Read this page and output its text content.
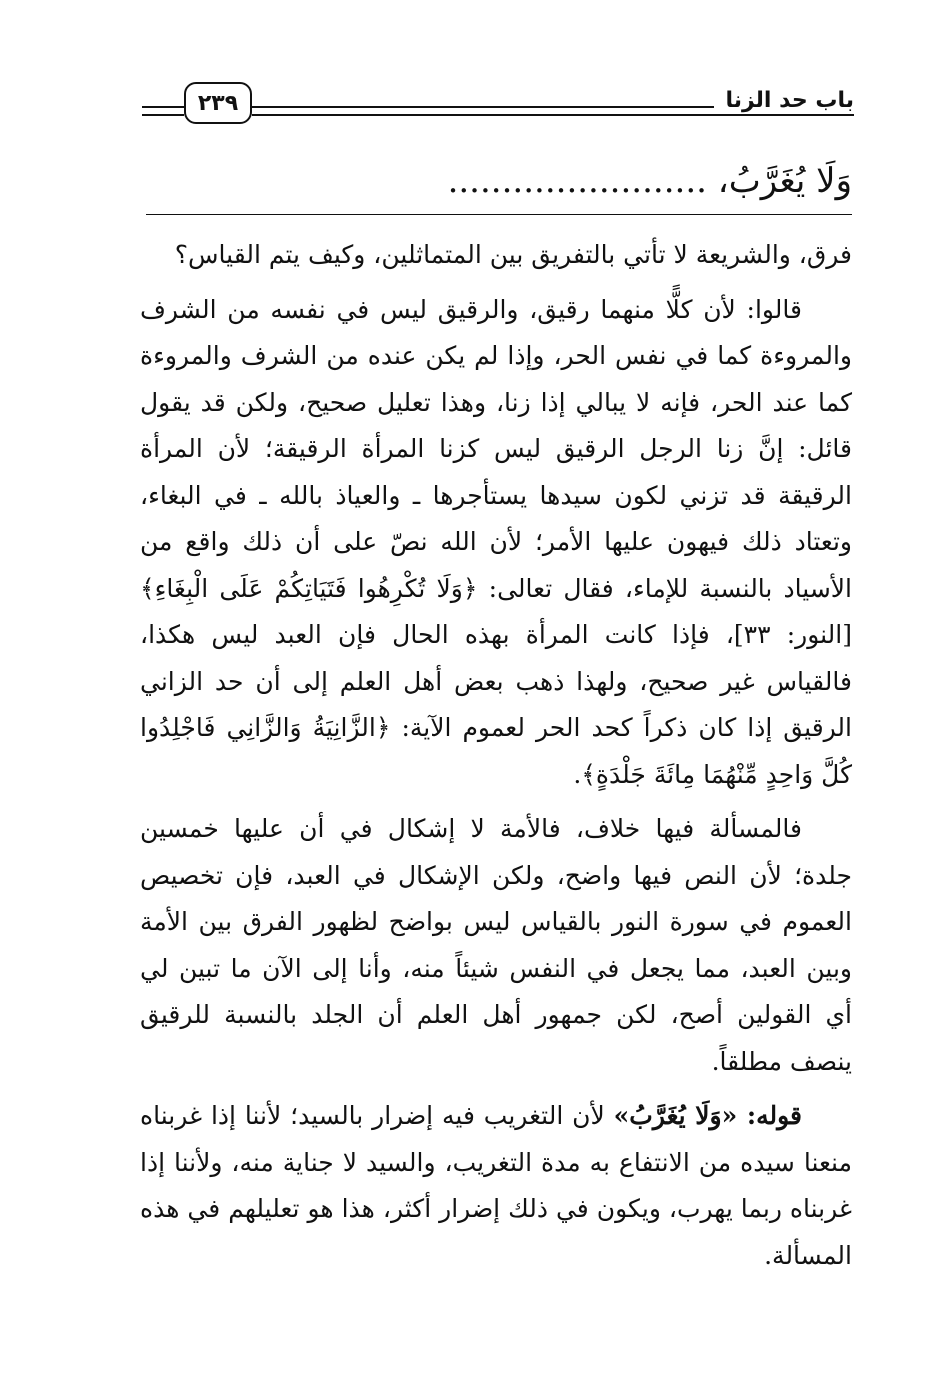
باب حد الزنا
٢٣٩
وَلَا يُغَرَّبُ، ........................

فرق، والشريعة لا تأتي بالتفريق بين المتماثلين، وكيف يتم القياس؟

قالوا: لأن كلًّا منهما رقيق، والرقيق ليس في نفسه من الشرف والمروءة كما في نفس الحر، وإذا لم يكن عنده من الشرف والمروءة كما عند الحر، فإنه لا يبالي إذا زنا، وهذا تعليل صحيح، ولكن قد يقول قائل: إنَّ زنا الرجل الرقيق ليس كزنا المرأة الرقيقة؛ لأن المرأة الرقيقة قد تزني لكون سيدها يستأجرها ـ والعياذ بالله ـ في البغاء، وتعتاد ذلك فيهون عليها الأمر؛ لأن الله نصّ على أن ذلك واقع من الأسياد بالنسبة للإماء، فقال تعالى: ﴿وَلَا تُكْرِهُوا فَتَيَاتِكُمْ عَلَى الْبِغَاءِ﴾ [النور: ٣٣]، فإذا كانت المرأة بهذه الحال فإن العبد ليس هكذا، فالقياس غير صحيح، ولهذا ذهب بعض أهل العلم إلى أن حد الزاني الرقيق إذا كان ذكراً كحد الحر لعموم الآية: ﴿الزَّانِيَةُ وَالزَّانِي فَاجْلِدُوا كُلَّ وَاحِدٍ مِّنْهُمَا مِائَةَ جَلْدَةٍ﴾.

فالمسألة فيها خلاف، فالأمة لا إشكال في أن عليها خمسين جلدة؛ لأن النص فيها واضح، ولكن الإشكال في العبد، فإن تخصيص العموم في سورة النور بالقياس ليس بواضح لظهور الفرق بين الأمة وبين العبد، مما يجعل في النفس شيئاً منه، وأنا إلى الآن ما تبين لي أي القولين أصح، لكن جمهور أهل العلم أن الجلد بالنسبة للرقيق ينصف مطلقاً.

قوله: «وَلَا يُغَرَّبُ» لأن التغريب فيه إضرار بالسيد؛ لأننا إذا غربناه منعنا سيده من الانتفاع به مدة التغريب، والسيد لا جناية منه، ولأننا إذا غربناه ربما يهرب، ويكون في ذلك إضرار أكثر، هذا هو تعليلهم في هذه المسألة.
